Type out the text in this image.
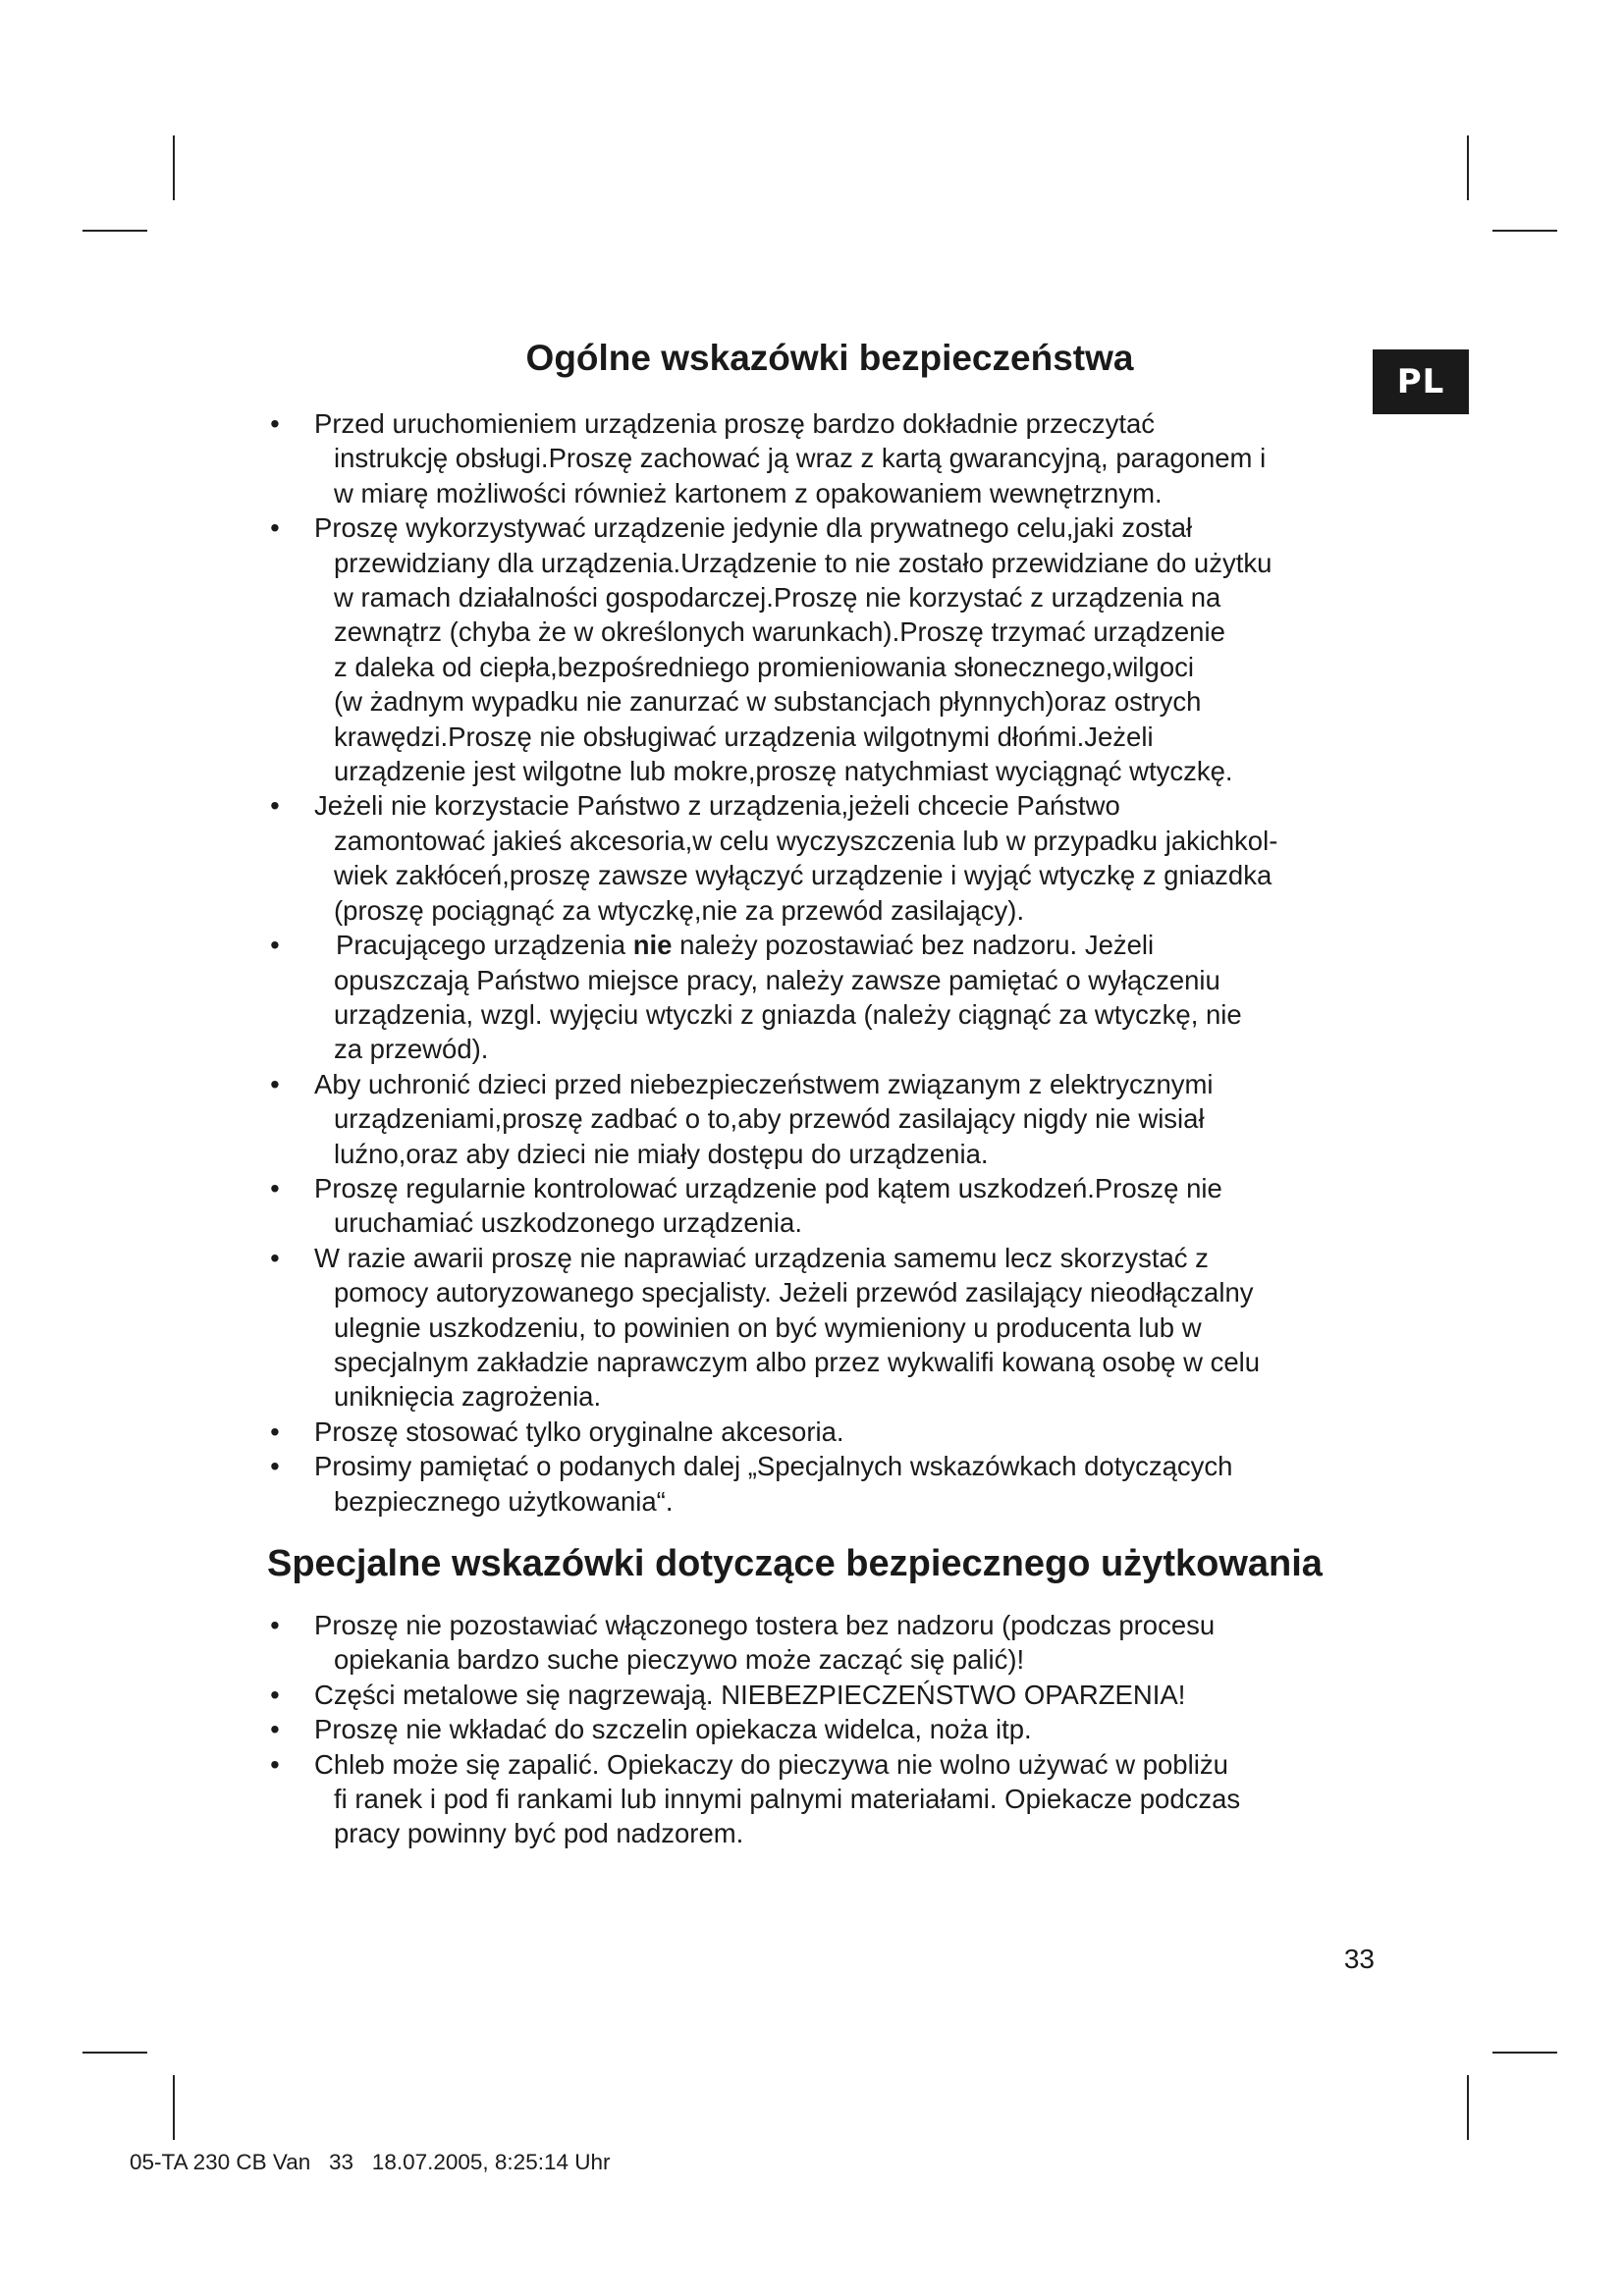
PL
Ogólne wskazówki bezpieczeństwa
• Przed uruchomieniem urządzenia proszę bardzo dokładnie przeczytać
instrukcję obsługi.Proszę zachować ją wraz z kartą gwarancyjną, paragonem i
w miarę możliwości również kartonem z opakowaniem wewnętrznym.
• Proszę wykorzystywać urządzenie jedynie dla prywatnego celu,jaki został
przewidziany dla urządzenia.Urządzenie to nie zostało przewidziane do użytku
w ramach działalności gospodarczej.Proszę nie korzystać z urządzenia na
zewnątrz (chyba że w określonych warunkach).Proszę trzymać urządzenie
z daleka od ciepła,bezpośredniego promieniowania słonecznego,wilgoci
(w żadnym wypadku nie zanurzać w substancjach płynnych)oraz ostrych
krawędzi.Proszę nie obsługiwać urządzenia wilgotnymi dłońmi.Jeżeli
urządzenie jest wilgotne lub mokre,proszę natychmiast wyciągnąć wtyczkę.
• Jeżeli nie korzystacie Państwo z urządzenia,jeżeli chcecie Państwo
zamontować jakieś akcesoria,w celu wyczyszczenia lub w przypadku jakichkol-
wiek zakłóceń,proszę zawsze wyłączyć urządzenie i wyjąć wtyczkę z gniazdka
(proszę pociągnąć za wtyczkę,nie za przewód zasilający).
•	Pracującego urządzenia nie należy pozostawiać bez nadzoru. Jeżeli
opuszczają Państwo miejsce pracy, należy zawsze pamiętać o wyłączeniu
urządzenia, wzgl. wyjęciu wtyczki z gniazda (należy ciągnąć za wtyczkę, nie
za przewód).
• Aby uchronić dzieci przed niebezpieczeństwem związanym z elektrycznymi
urządzeniami,proszę zadbać o to,aby przewód zasilający nigdy nie wisiał
luźno,oraz aby dzieci nie miały dostępu do urządzenia.
• Proszę regularnie kontrolować urządzenie pod kątem uszkodzeń.Proszę nie
uruchamiać uszkodzonego urządzenia.
• W razie awarii proszę nie naprawiać urządzenia samemu lecz skorzystać z
pomocy autoryzowanego specjalisty. Jeżeli przewód zasilający nieodłączalny
ulegnie uszkodzeniu, to powinien on być wymieniony u producenta lub w
specjalnym zakładzie naprawczym albo przez wykwalifi kowaną osobę w celu
uniknięcia zagrożenia.
• Proszę stosować tylko oryginalne akcesoria.
• Prosimy pamiętać o podanych dalej „Specjalnych wskazówkach dotyczących
bezpiecznego użytkowania“.
Specjalne wskazówki dotyczące bezpiecznego użytkowania
• Proszę nie pozostawiać włączonego tostera bez nadzoru (podczas procesu
opiekania bardzo suche pieczywo może zacząć się palić)!
• Części metalowe się nagrzewają. NIEBEZPIECZEŃSTWO OPARZENIA!
• Proszę nie wkładać do szczelin opiekacza widelca, noża itp.
• Chleb może się zapalić. Opiekaczy do pieczywa nie wolno używać w pobliżu
fi ranek i pod fi rankami lub innymi palnymi materiałami. Opiekacze podczas
pracy powinny być pod nadzorem.
33
05-TA 230 CB Van   33   18.07.2005, 8:25:14 Uhr
